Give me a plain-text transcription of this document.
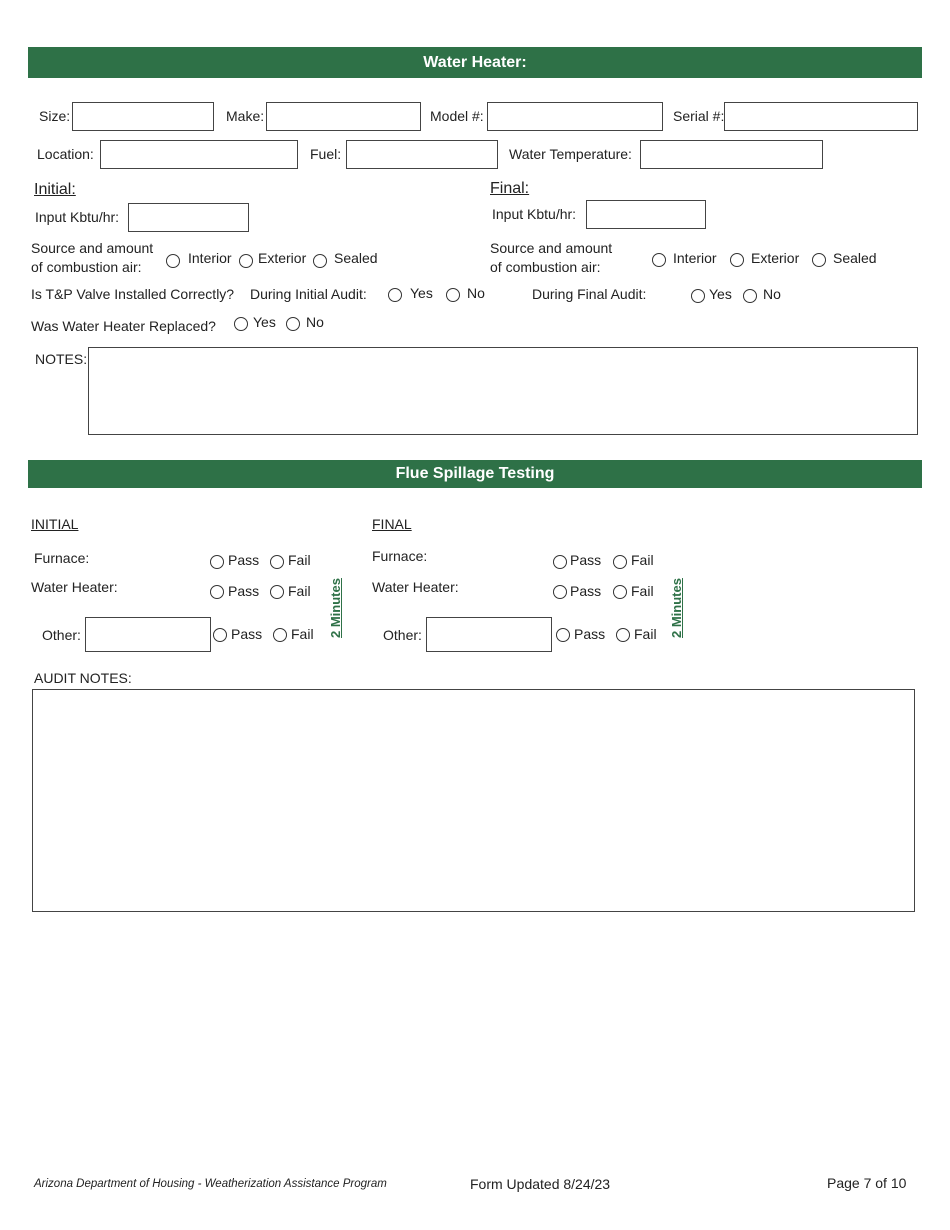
Water Heater:
Size:	Make:	Model #:	Serial #:
Location:	Fuel:	Water Temperature:
Initial:	Final:
Input Kbtu/hr:	Input Kbtu/hr:
Source and amount
of combustion air:
Interior Exterior Sealed
Source and amount
of combustion air:
Interior Exterior Sealed
Is T&P Valve Installed Correctly? During Initial Audit:	Yes No	During Final Audit:	Yes No
Was Water Heater Replaced?	Yes No
NOTES:
Flue Spillage Testing
INITIAL	FINAL
Furnace:	Pass Fail
Water Heater:	Pass Fail
Other:	Pass Fail 2 Minutes
Furnace:	Pass Fail
Water Heater:	Pass Fail
Other:	Pass Fail 2 Minutes
AUDIT NOTES:
Arizona Department of Housing - Weatherization Assistance Program	Form Updated 8/24/23	Page 7 of 10
